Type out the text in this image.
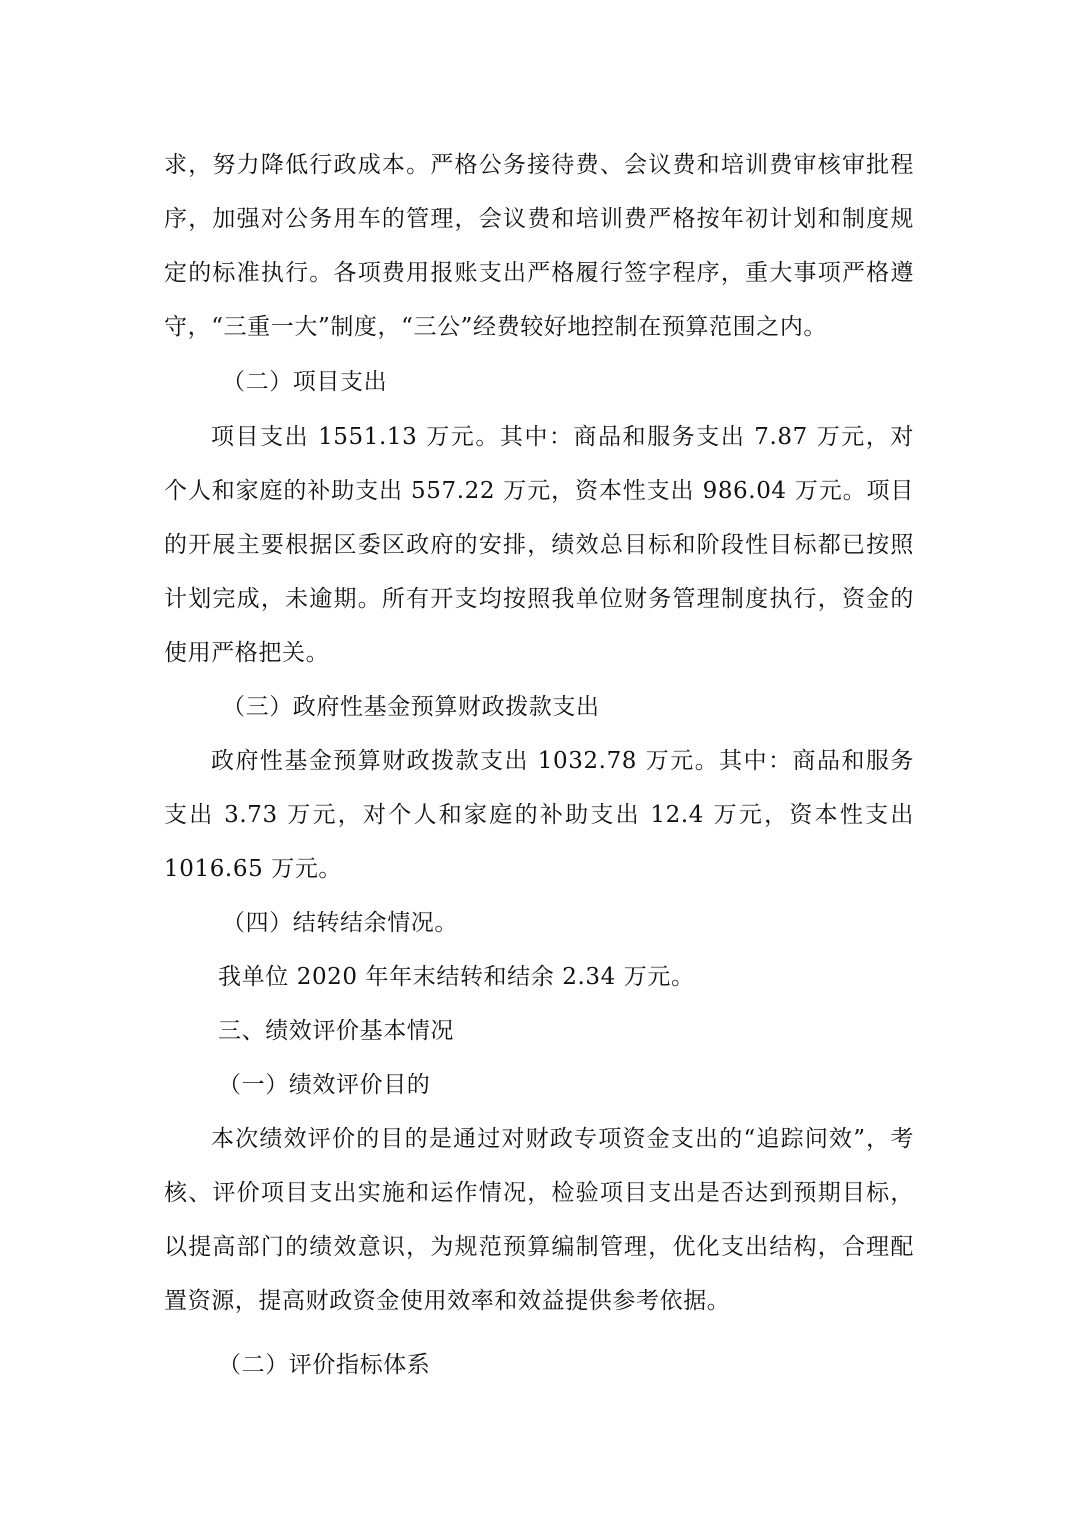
求，努力降低行政成本。严格公务接待费、会议费和培训费审核审批程序，加强对公务用车的管理，会议费和培训费严格按年初计划和制度规定的标准执行。各项费用报账支出严格履行签字程序，重大事项严格遵守，“三重一大”制度，“三公”经费较好地控制在预算范围之内。

（二）项目支出

项目支出 1551.13 万元。其中：商品和服务支出 7.87 万元，对个人和家庭的补助支出 557.22 万元，资本性支出 986.04 万元。项目的开展主要根据区委区政府的安排，绩效总目标和阶段性目标都已按照计划完成，未逾期。所有开支均按照我单位财务管理制度执行，资金的使用严格把关。

（三）政府性基金预算财政拨款支出

政府性基金预算财政拨款支出 1032.78 万元。其中：商品和服务支出 3.73 万元，对个人和家庭的补助支出 12.4 万元，资本性支出 1016.65 万元。

（四）结转结余情况。

我单位 2020 年年末结转和结余 2.34 万元。

三、绩效评价基本情况

（一）绩效评价目的

本次绩效评价的目的是通过对财政专项资金支出的“追踪问效”，考核、评价项目支出实施和运作情况，检验项目支出是否达到预期目标，以提高部门的绩效意识，为规范预算编制管理，优化支出结构，合理配置资源，提高财政资金使用效率和效益提供参考依据。

（二）评价指标体系
